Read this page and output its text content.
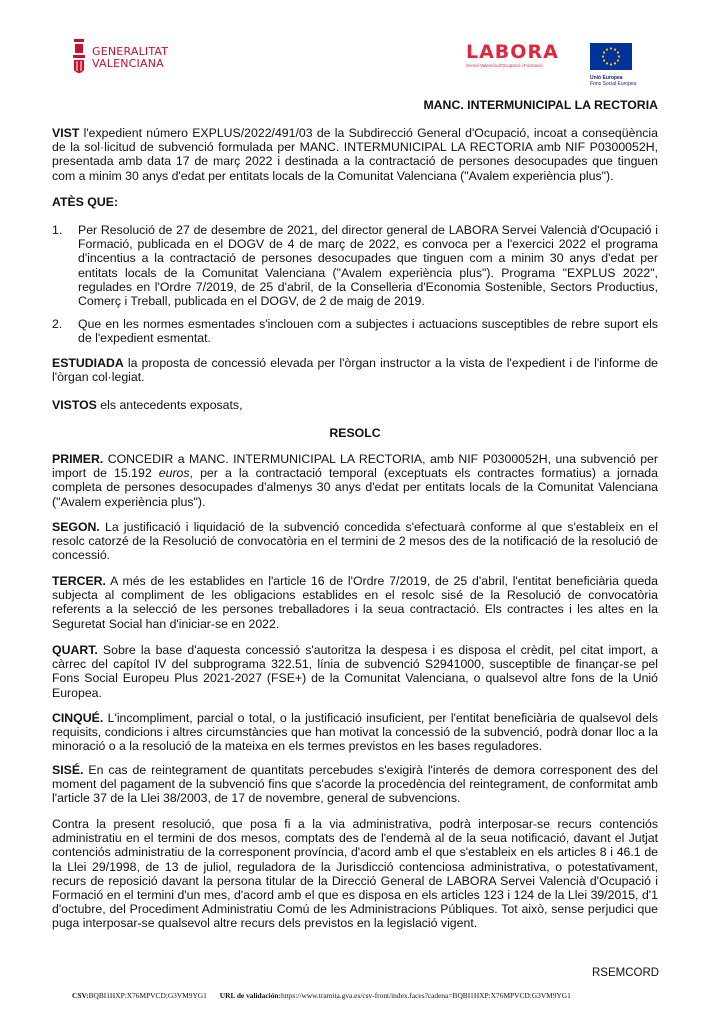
GENERALITAT
VALENCIANA
LABORA
Servei Valencià d'Ocupació i Formació
Unió Europea
Fons Social Europeu
MANC. INTERMUNICIPAL LA RECTORIA
VIST l'expedient número EXPLUS/2022/491/03 de la Subdirecció General d'Ocupació, incoat a conseqüència de la sol·licitud de subvenció formulada per MANC. INTERMUNICIPAL LA RECTORIA amb NIF P0300052H, presentada amb data 17 de març 2022 i destinada a la contractació de persones desocupades que tinguen com a minim 30 anys d'edat per entitats locals de la Comunitat Valenciana ("Avalem experiència plus").
ATÈS QUE:
1. Per Resolució de 27 de desembre de 2021, del director general de LABORA Servei Valencià d'Ocupació i Formació, publicada en el DOGV de 4 de març de 2022, es convoca per a l'exercici 2022 el programa d'incentius a la contractació de persones desocupades que tinguen com a minim 30 anys d'edat per entitats locals de la Comunitat Valenciana ("Avalem experiència plus"). Programa "EXPLUS 2022", regulades en l'Ordre 7/2019, de 25 d'abril, de la Conselleria d'Economia Sostenible, Sectors Productius, Comerç i Treball, publicada en el DOGV, de 2 de maig de 2019.
2. Que en les normes esmentades s'inclouen com a subjectes i actuacions susceptibles de rebre suport els de l'expedient esmentat.
ESTUDIADA la proposta de concessió elevada per l'òrgan instructor a la vista de l'expedient i de l'informe de l'òrgan col·legiat.
VISTOS els antecedents exposats,
RESOLC
PRIMER. CONCEDIR a MANC. INTERMUNICIPAL LA RECTORIA, amb NIF P0300052H, una subvenció per import de 15.192 euros, per a la contractació temporal (exceptuats els contractes formatius) a jornada completa de persones desocupades d'almenys 30 anys d'edat per entitats locals de la Comunitat Valenciana ("Avalem experiència plus").
SEGON. La justificació i liquidació de la subvenció concedida s'efectuarà conforme al que s'estableix en el resolc catorzé de la Resolució de convocatòria en el termini de 2 mesos des de la notificació de la resolució de concessió.
TERCER. A més de les establides en l'article 16 de l'Ordre 7/2019, de 25 d'abril, l'entitat beneficiària queda subjecta al compliment de les obligacions establides en el resolc sisé de la Resolució de convocatòria referents a la selecció de les persones treballadores i la seua contractació. Els contractes i les altes en la Seguretat Social han d'iniciar-se en 2022.
QUART. Sobre la base d'aquesta concessió s'autoritza la despesa i es disposa el crèdit, pel citat import, a càrrec del capítol IV del subprograma 322.51, línia de subvenció S2941000, susceptible de finançar-se pel Fons Social Europeu Plus 2021-2027 (FSE+) de la Comunitat Valenciana, o qualsevol altre fons de la Unió Europea.
CINQUÉ. L'incompliment, parcial o total, o la justificació insuficient, per l'entitat beneficiària de qualsevol dels requisits, condicions i altres circumstàncies que han motivat la concessió de la subvenció, podrà donar lloc a la minoració o a la resolució de la mateixa en els termes previstos en les bases reguladores.
SISÉ. En cas de reintegrament de quantitats percebudes s'exigirà l'interés de demora corresponent des del moment del pagament de la subvenció fins que s'acorde la procedència del reintegrament, de conformitat amb l'article 37 de la Llei 38/2003, de 17 de novembre, general de subvencions.
Contra la present resolució, que posa fi a la via administrativa, podrà interposar-se recurs contenciós administratiu en el termini de dos mesos, comptats des de l'endemà al de la seua notificació, davant el Jutjat contenciós administratiu de la corresponent província, d'acord amb el que s'estableix en els articles 8 i 46.1 de la Llei 29/1998, de 13 de juliol, reguladora de la Jurisdicció contenciosa administrativa, o potestativament, recurs de reposició davant la persona titular de la Direcció General de LABORA Servei Valencià d'Ocupació i Formació en el termini d'un mes, d'acord amb el que es disposa en els articles 123 i 124 de la Llei 39/2015, d'1 d'octubre, del Procediment Administratiu Comú de les Administracions Públiques. Tot això, sense perjudici que puga interposar-se qualsevol altre recurs dels previstos en la legislació vigent.
RSEMCORD
CSV:BQBI1HXP:X76MPVCD:G3VM9YG1 URL de validación:https://www.tramita.gva.es/csv-front/index.faces?cadena=BQBI1HXP:X76MPVCD:G3VM9YG1
